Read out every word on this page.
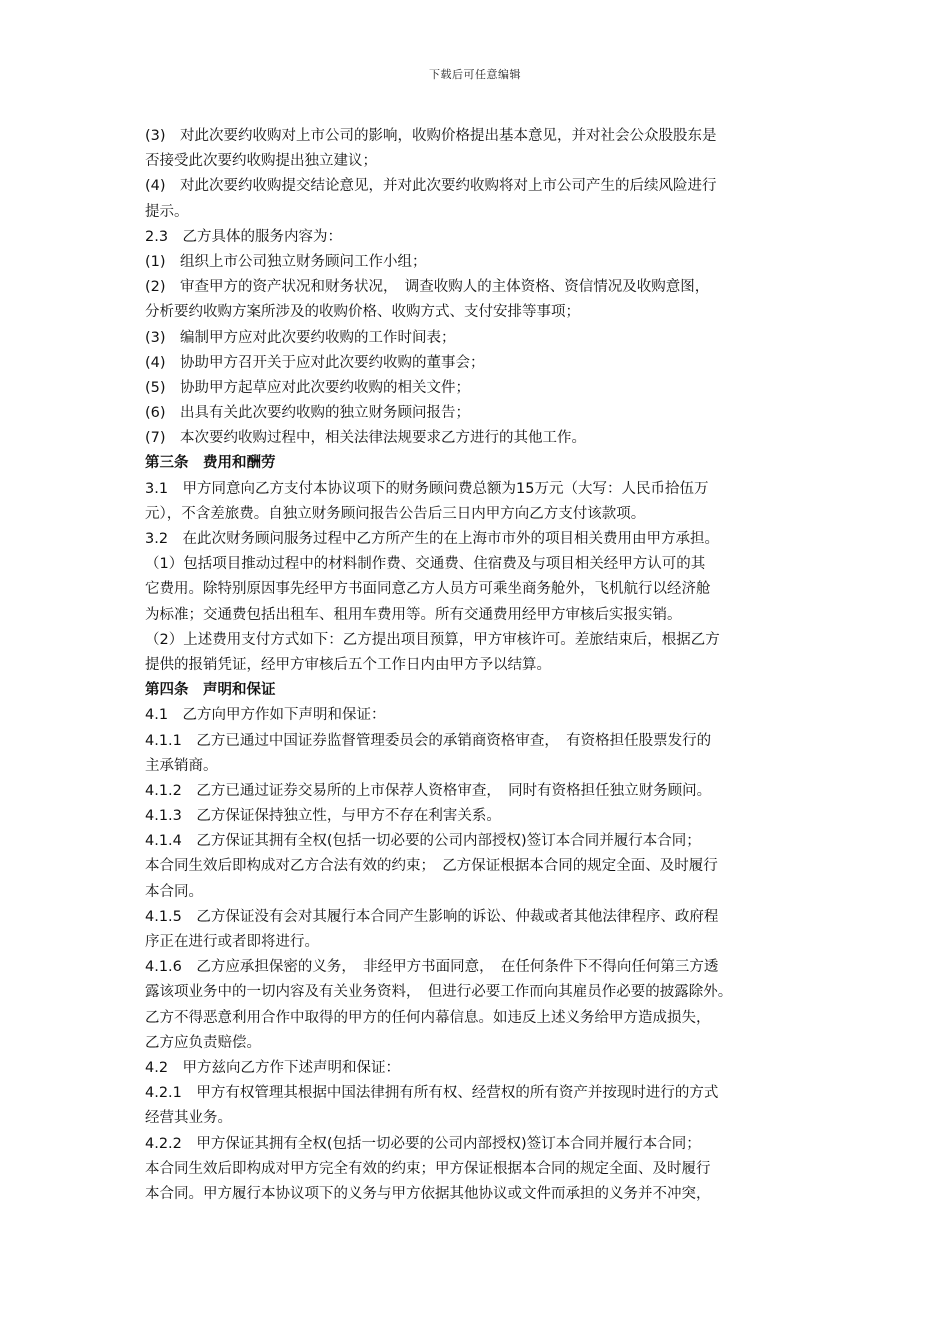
下载后可任意编辑
(3)　对此次要约收购对上市公司的影响，收购价格提出基本意见，并对社会公众股股东是
否接受此次要约收购提出独立建议；
(4)　对此次要约收购提交结论意见，并对此次要约收购将对上市公司产生的后续风险进行
提示。
2.3　乙方具体的服务内容为：
(1)　组织上市公司独立财务顾问工作小组；
(2)　审查甲方的资产状况和财务状况，　调查收购人的主体资格、资信情况及收购意图，
分析要约收购方案所涉及的收购价格、收购方式、支付安排等事项；
(3)　编制甲方应对此次要约收购的工作时间表；
(4)　协助甲方召开关于应对此次要约收购的董事会；
(5)　协助甲方起草应对此次要约收购的相关文件；
(6)　出具有关此次要约收购的独立财务顾问报告；
(7)　本次要约收购过程中，相关法律法规要求乙方进行的其他工作。
第三条　费用和酬劳
3.1　甲方同意向乙方支付本协议项下的财务顾问费总额为15万元（大写：人民币拾伍万
元），不含差旅费。自独立财务顾问报告公告后三日内甲方向乙方支付该款项。
3.2　在此次财务顾问服务过程中乙方所产生的在上海市市外的项目相关费用由甲方承担。
（1）包括项目推动过程中的材料制作费、交通费、住宿费及与项目相关经甲方认可的其
它费用。除特别原因事先经甲方书面同意乙方人员方可乘坐商务舱外，飞机航行以经济舱
为标准；交通费包括出租车、租用车费用等。所有交通费用经甲方审核后实报实销。
（2）上述费用支付方式如下：乙方提出项目预算，甲方审核许可。差旅结束后，根据乙方
提供的报销凭证，经甲方审核后五个工作日内由甲方予以结算。
第四条　声明和保证
4.1　乙方向甲方作如下声明和保证：
4.1.1　乙方已通过中国证券监督管理委员会的承销商资格审查，　有资格担任股票发行的
主承销商。
4.1.2　乙方已通过证券交易所的上市保荐人资格审查，　同时有资格担任独立财务顾问。
4.1.3　乙方保证保持独立性，与甲方不存在利害关系。
4.1.4　乙方保证其拥有全权(包括一切必要的公司内部授权)签订本合同并履行本合同；
本合同生效后即构成对乙方合法有效的约束；　乙方保证根据本合同的规定全面、及时履行
本合同。
4.1.5　乙方保证没有会对其履行本合同产生影响的诉讼、仲裁或者其他法律程序、政府程
序正在进行或者即将进行。
4.1.6　乙方应承担保密的义务，　非经甲方书面同意，　在任何条件下不得向任何第三方透
露该项业务中的一切内容及有关业务资料，　但进行必要工作而向其雇员作必要的披露除外。
乙方不得恶意利用合作中取得的甲方的任何内幕信息。如违反上述义务给甲方造成损失，
乙方应负责赔偿。
4.2　甲方兹向乙方作下述声明和保证：
4.2.1　甲方有权管理其根据中国法律拥有所有权、经营权的所有资产并按现时进行的方式
经营其业务。
4.2.2　甲方保证其拥有全权(包括一切必要的公司内部授权)签订本合同并履行本合同；
本合同生效后即构成对甲方完全有效的约束；甲方保证根据本合同的规定全面、及时履行
本合同。甲方履行本协议项下的义务与甲方依据其他协议或文件而承担的义务并不冲突，
